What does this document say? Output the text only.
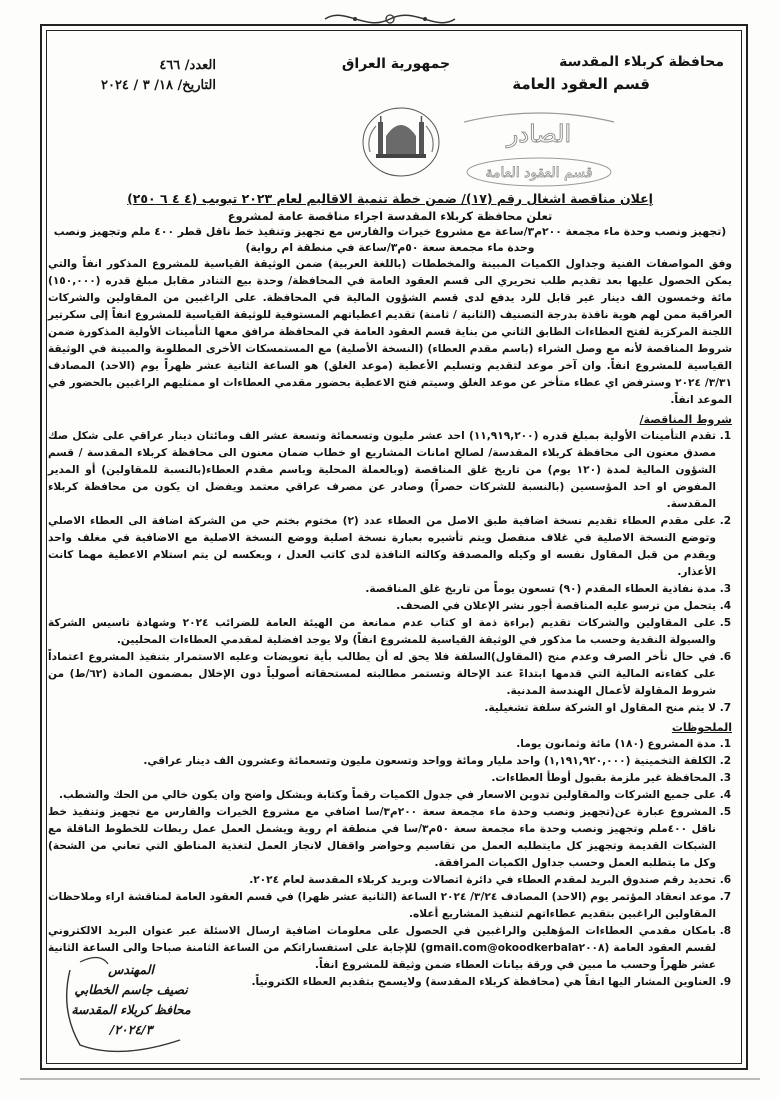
محافظة كربلاء المقدسة
قسم العقود العامة
جمهورية العراق
العدد/ ٤٦٦
التاريخ/ ١٨/ ٣ / ٢٠٢٤
الصادر
قسم العقود العامة
إعلان مناقصة اشغال رقم (١٧)/ ضمن خطة تنمية الاقاليم لعام ٢٠٢٣ تبويب (٤ ٤ ٦ ٢٥٠)
تعلن محافظة كربلاء المقدسة اجراء مناقصة عامة لمشروع
(تجهيز ونصب وحدة ماء مجمعة ٢٠٠م٣/ساعة مع مشروع خيرات والفارس مع تجهيز وتنفيذ خط ناقل قطر ٤٠٠ ملم وتجهيز ونصب وحدة ماء مجمعة سعة ٥٠م٣/ساعة في منطقة ام رواية)
وفق المواصفات الفنية وجداول الكميات المبينة والمخططات (باللغة العربية) ضمن الوثيقة القياسية للمشروع المذكور انفاً والتي يمكن الحصول عليها بعد تقديم طلب تحريري الى قسم العقود العامة في المحافظة/ وحدة بيع التنادر مقابل مبلغ قدره (١٥٠,٠٠٠) مائة وخمسون الف دينار غير قابل للرد يدفع لدى قسم الشؤون المالية في المحافظة. على الراغبين من المقاولين والشركات العراقية ممن لهم هوية نافذة بدرجة التصنيف (الثانية / ثامنة) تقديم اعطياتهم المستوفية للوثيقة القياسية للمشروع انفاً إلى سكرتير اللجنة المركزية لفتح العطاءات الطابق الثاني من بناية قسم العقود العامة في المحافظة مرافق معها التأمينات الأولية المذكورة ضمن شروط المناقصة لأنه مع وصل الشراء (باسم مقدم العطاء) (النسخة الأصلية) مع المستمسكات الأخرى المطلوبة والمبينة في الوثيقة القياسية للمشروع انفاً. وان آخر موعد لتقديم وتسليم الأعطية (موعد الغلق) هو الساعة الثانية عشر ظهراً يوم (الاحد) المصادف ٣/٣١/ ٢٠٢٤ وسترفض اي عطاء متأخر عن موعد الغلق وسيتم فتح الاعطية بحضور مقدمي العطاءات او ممثليهم الراغبين بالحضور في الموعد انفاً.
شروط المناقصة/
1. تقدم التأمينات الأولية بمبلغ قدره (١١,٩١٩,٢٠٠) احد عشر مليون وتسعمائة وتسعة عشر الف ومائتان دينار عراقي على شكل صك مصدق معنون الى محافظة كربلاء المقدسة/ لصالح امانات المشاريع او خطاب ضمان معنون الى محافظة كربلاء المقدسة / قسم الشؤون المالية لمدة (١٢٠ يوم) من تاريخ غلق المناقصة (وبالعملة المحلية وباسم مقدم العطاء(بالنسبة للمقاولين) أو المدير المفوض او احد المؤسسين (بالنسبة للشركات حصراً) وصادر عن مصرف عراقي معتمد ويفضل ان يكون من محافظة كربلاء المقدسة.
2. على مقدم العطاء تقديم نسخة اضافية طبق الاصل من العطاء عدد (٢) مختوم بختم حي من الشركة اضافة الى العطاء الاصلي وتوضع النسخة الاصلية في غلاف منفصل ويتم تأشيره بعبارة نسخة اصلية ووضع النسخة الاصلية مع الاضافية في مغلف واحد ويقدم من قبل المقاول نفسه او وكيله والمصدقة وكالته النافذة لدى كاتب العدل ، وبعكسه لن يتم استلام الاعطية مهما كانت الأعذار.
3. مدة نفاذية العطاء المقدم (٩٠) تسعون يوماً من تاريخ غلق المناقصة.
4. يتحمل من ترسو عليه المناقصة أجور نشر الإعلان في الصحف.
5. على المقاولين والشركات تقديم (براءة ذمة او كتاب عدم ممانعة من الهيئة العامة للضرائب ٢٠٢٤ وشهادة تاسيس الشركة والسيولة النقدية وحسب ما مذكور في الوثيقة القياسية للمشروع انفاً) ولا يوجد افضلية لمقدمي العطاءات المحليين.
6. في حال تأخر الصرف وعدم منح (المقاول)السلفة فلا يحق له أن يطالب بأية تعويضات وعليه الاستمرار بتنفيذ المشروع اعتماداً على كفاءته المالية التي قدمها ابتداءً عند الإحالة وتستمر مطالبته لمستحقاته أصولياً دون الإخلال بمضمون المادة (٦٢/ط) من شروط المقاولة لأعمال الهندسة المدنية.
7. لا يتم منح المقاول او الشركة سلفة تشغيلية.
الملحوظات
1. مدة المشروع (١٨٠) مائة وثمانون يوما.
2. الكلفة التخمينية (١,١٩١,٩٢٠,٠٠٠) واحد مليار ومائة وواحد وتسعون مليون وتسعمائة وعشرون الف دينار عراقي.
3. المحافظة غير ملزمة بقبول أوطأ العطاءات.
4. على جميع الشركات والمقاولين تدوين الاسعار في جدول الكميات رقماً وكتابة وبشكل واضح وان يكون خالي من الحك والشطب.
5. المشروع عبارة عن(تجهيز ونصب وحدة ماء مجمعة سعة ٢٠٠م٣/سا اضافي مع مشروع الخيرات والفارس مع تجهيز وتنفيذ خط ناقل ٤٠٠ملم وتجهيز ونصب وحدة ماء مجمعة سعة ٥٠م٣/سا في منطقة ام روية ويشمل العمل عمل ربطات للخطوط الناقلة مع الشبكات القديمة وتجهيز كل مايتطلبه العمل من تقاسيم وحواضر واقفال لانجاز العمل لتغذية المناطق التي تعاني من الشحة) وكل ما يتطلبه العمل وحسب جداول الكميات المرافقة.
6. تحديد رقم صندوق البريد لمقدم العطاء في دائرة اتصالات وبريد كربلاء المقدسة لعام ٢٠٢٤.
7. موعد انعقاد المؤتمر يوم (الاحد) المصادف ٣/٢٤/ ٢٠٢٤ الساعة (الثانية عشر ظهرا) في قسم العقود العامة لمناقشة اراء وملاحظات المقاولين الراغبين بتقديم عطاءاتهم لتنفيذ المشاريع أعلاه.
8. بامكان مقدمي العطاءات المؤهلين والراغبين في الحصول على معلومات اضافية ارسال الاسئلة عبر عنوان البريد الالكتروني لقسم العقود العامة (okoodkerbala٢٠٠٨@gmail.com) للإجابة على استفساراتكم من الساعة الثامنة صباحا والى الساعة الثانية عشر ظهراً وحسب ما مبين في ورقة بيانات العطاء ضمن وثيقة للمشروع انفاً.
9. العناوين المشار اليها انفاً هي (محافظة كربلاء المقدسة) ولايسمح بتقديم العطاء الكترونياً.
المهندس
نصيف جاسم الخطابي
محافظ كربلاء المقدسة
٢٠٢٤/٣/
